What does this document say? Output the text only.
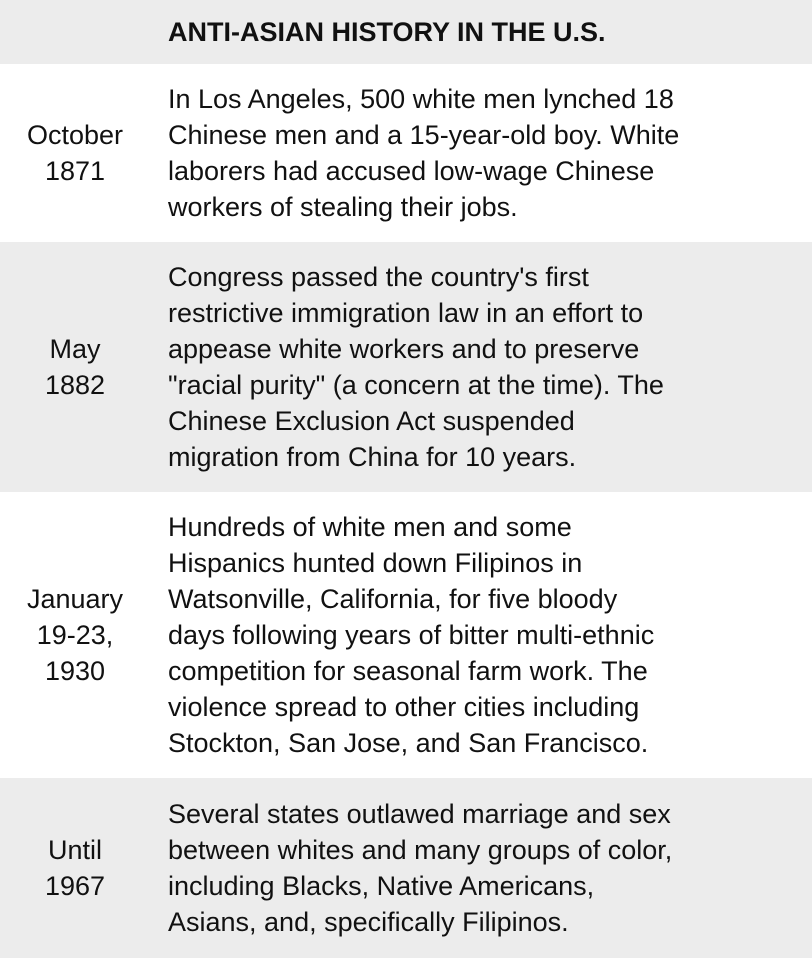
ANTI-ASIAN HISTORY IN THE U.S.
October
1871
In Los Angeles, 500 white men lynched 18
Chinese men and a 15-year-old boy. White
laborers had accused low-wage Chinese
workers of stealing their jobs.
May
1882
Congress passed the country's first
restrictive immigration law in an effort to
appease white workers and to preserve
"racial purity" (a concern at the time). The
Chinese Exclusion Act suspended
migration from China for 10 years.
January
19-23,
1930
Hundreds of white men and some
Hispanics hunted down Filipinos in
Watsonville, California, for five bloody
days following years of bitter multi-ethnic
competition for seasonal farm work. The
violence spread to other cities including
Stockton, San Jose, and San Francisco.
Until
1967
Several states outlawed marriage and sex
between whites and many groups of color,
including Blacks, Native Americans,
Asians, and, specifically Filipinos.
